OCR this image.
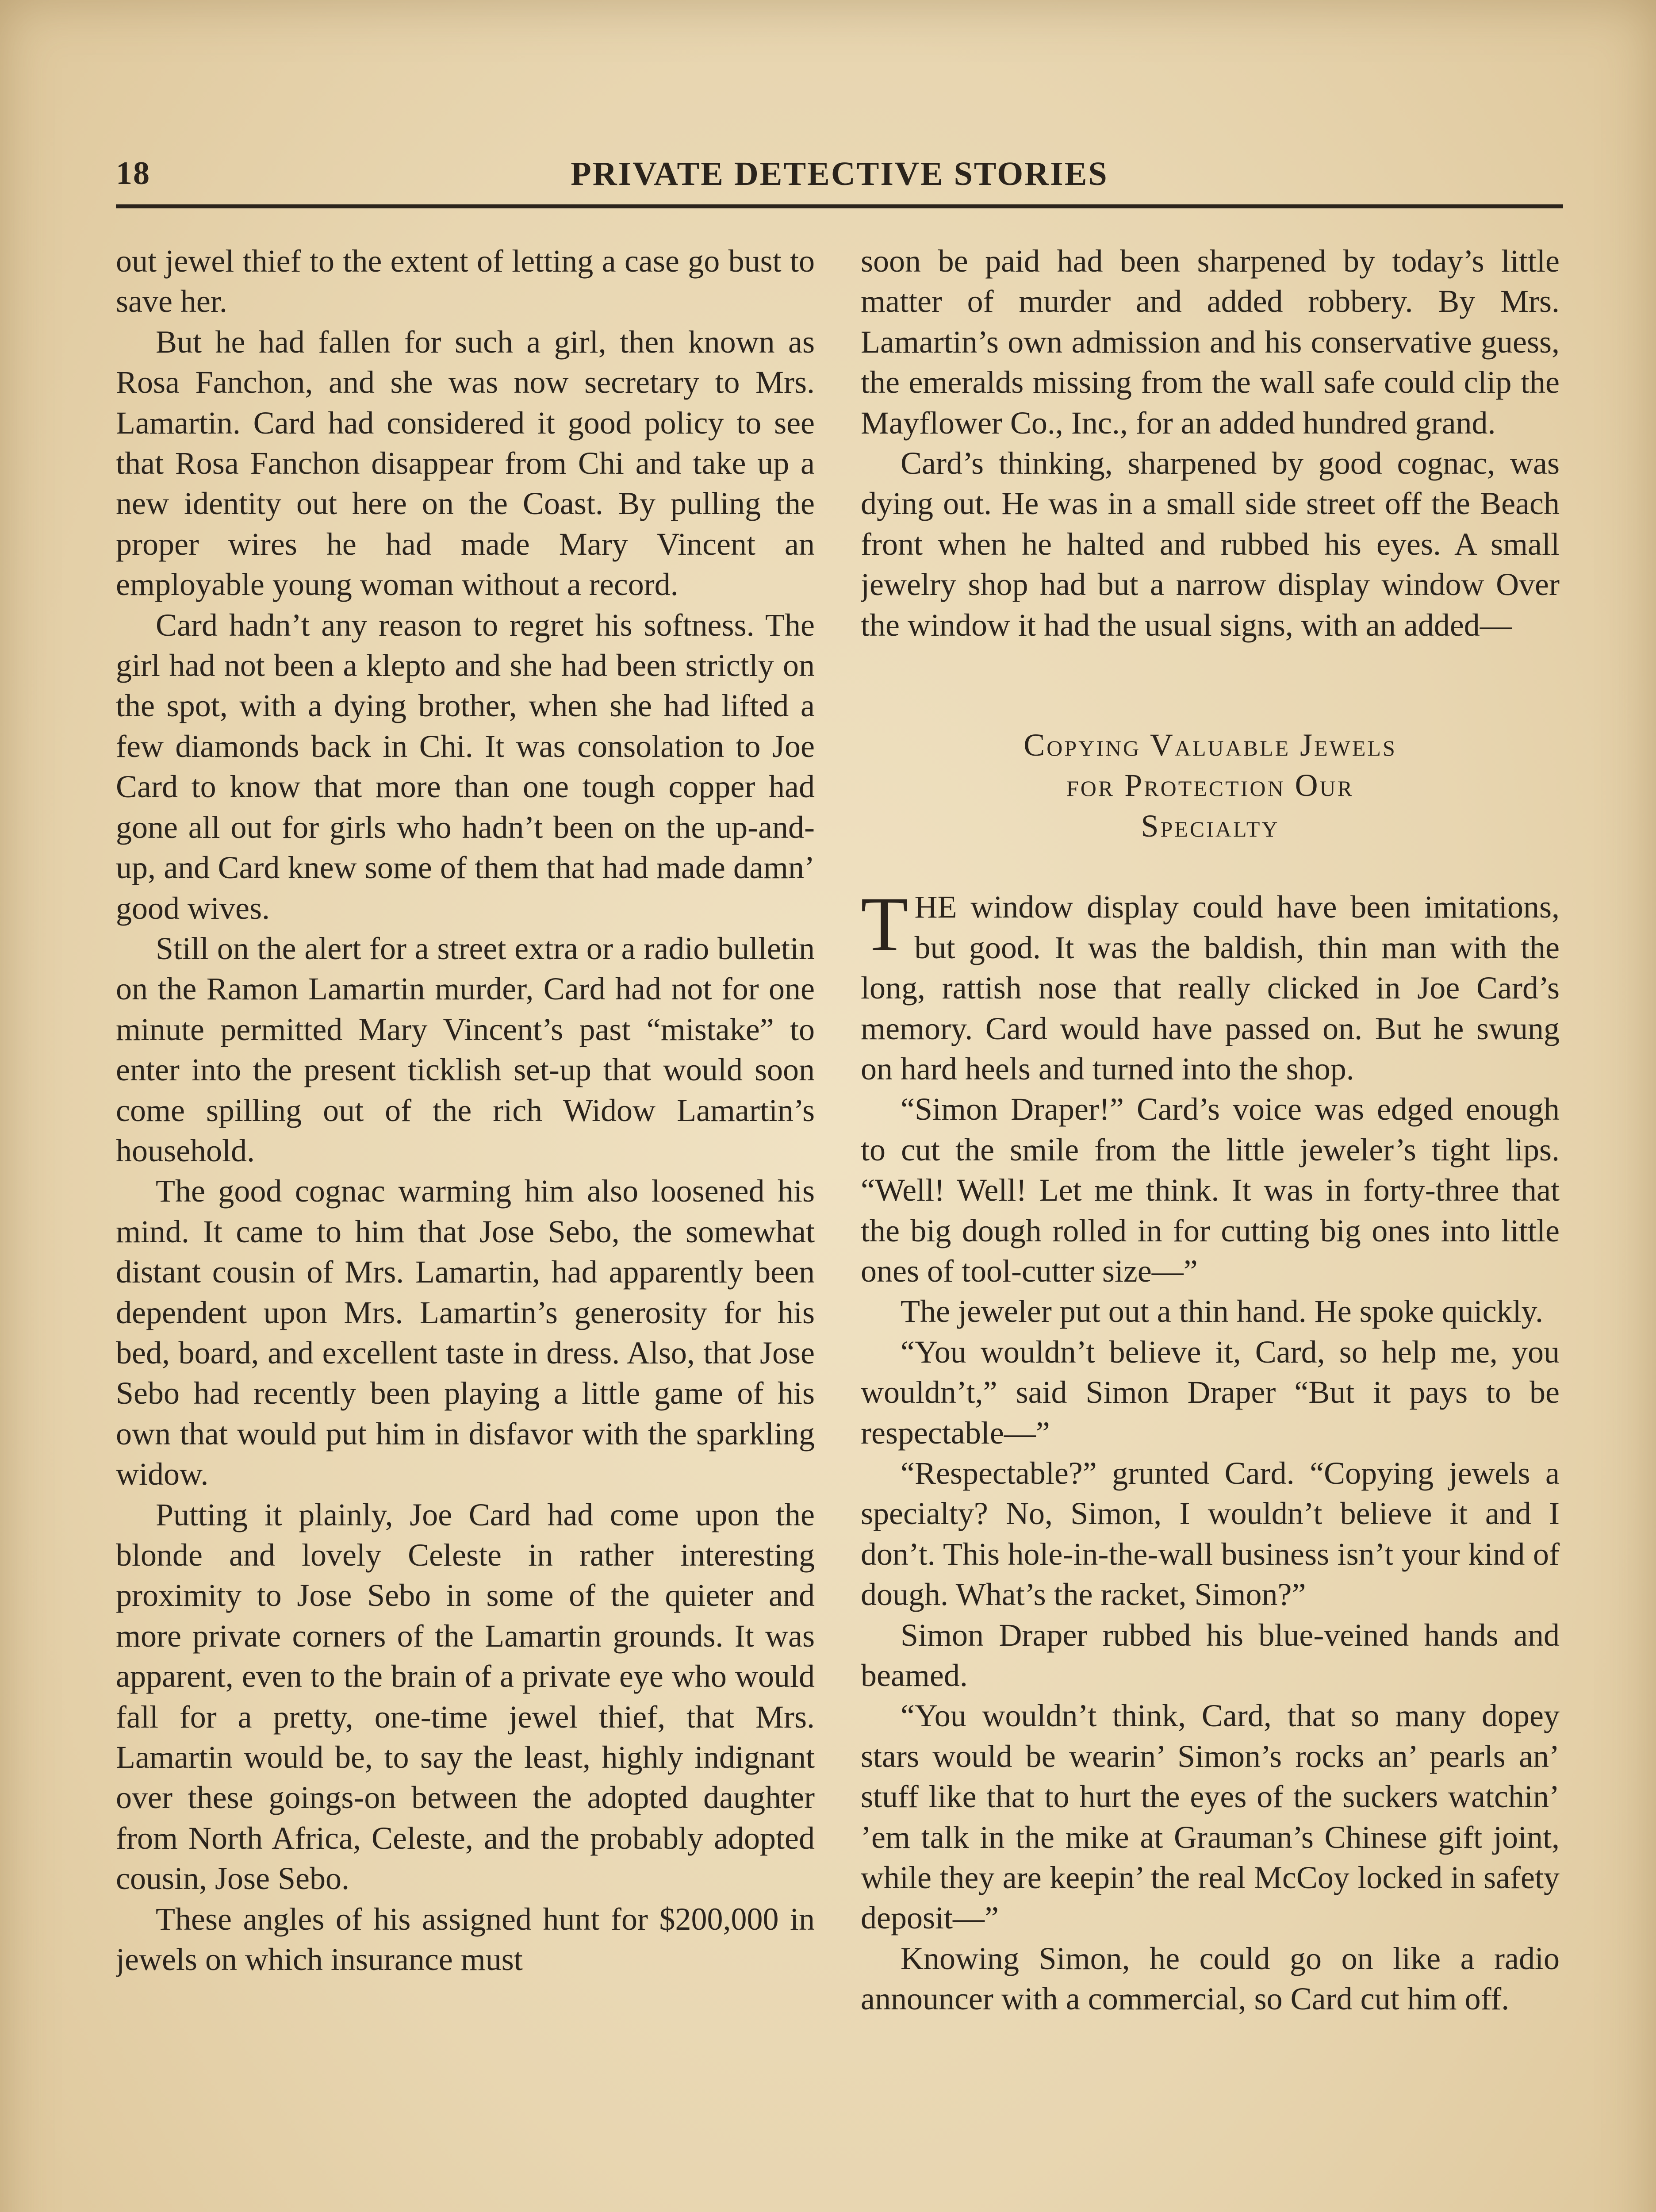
18	PRIVATE DETECTIVE STORIES

out jewel thief to the extent of letting a case go bust to save her.

But he had fallen for such a girl, then known as Rosa Fanchon, and she was now secretary to Mrs. Lamartin. Card had considered it good policy to see that Rosa Fanchon disappear from Chi and take up a new identity out here on the Coast. By pulling the proper wires he had made Mary Vincent an employable young woman without a record.

Card hadn’t any reason to regret his softness. The girl had not been a klepto and she had been strictly on the spot, with a dying brother, when she had lifted a few diamonds back in Chi. It was consolation to Joe Card to know that more than one tough copper had gone all out for girls who hadn’t been on the up-and-up, and Card knew some of them that had made damn’ good wives.

Still on the alert for a street extra or a radio bulletin on the Ramon Lamartin murder, Card had not for one minute permitted Mary Vincent’s past “mistake” to enter into the present ticklish set-up that would soon come spilling out of the rich Widow Lamartin’s household.

The good cognac warming him also loosened his mind. It came to him that Jose Sebo, the somewhat distant cousin of Mrs. Lamartin, had apparently been dependent upon Mrs. Lamartin’s generosity for his bed, board, and excellent taste in dress. Also, that Jose Sebo had recently been playing a little game of his own that would put him in disfavor with the sparkling widow.

Putting it plainly, Joe Card had come upon the blonde and lovely Celeste in rather interesting proximity to Jose Sebo in some of the quieter and more private corners of the Lamartin grounds. It was apparent, even to the brain of a private eye who would fall for a pretty, one-time jewel thief, that Mrs. Lamartin would be, to say the least, highly indignant over these goings-on between the adopted daughter from North Africa, Celeste, and the probably adopted cousin, Jose Sebo.

These angles of his assigned hunt for $200,000 in jewels on which insurance must

soon be paid had been sharpened by today’s little matter of murder and added robbery. By Mrs. Lamartin’s own admission and his conservative guess, the emeralds missing from the wall safe could clip the Mayflower Co., Inc., for an added hundred grand.

Card’s thinking, sharpened by good cognac, was dying out. He was in a small side street off the Beach front when he halted and rubbed his eyes. A small jewelry shop had but a narrow display window Over the window it had the usual signs, with an added—

Copying Valuable Jewels
for Protection Our
Specialty

THE window display could have been imitations, but good. It was the baldish, thin man with the long, rattish nose that really clicked in Joe Card’s memory. Card would have passed on. But he swung on hard heels and turned into the shop.

“Simon Draper!” Card’s voice was edged enough to cut the smile from the little jeweler’s tight lips. “Well! Well! Let me think. It was in forty-three that the big dough rolled in for cutting big ones into little ones of tool-cutter size—”

The jeweler put out a thin hand. He spoke quickly.

“You wouldn’t believe it, Card, so help me, you wouldn’t,” said Simon Draper “But it pays to be respectable—”

“Respectable?” grunted Card. “Copying jewels a specialty? No, Simon, I wouldn’t believe it and I don’t. This hole-in-the-wall business isn’t your kind of dough. What’s the racket, Simon?”

Simon Draper rubbed his blue-veined hands and beamed.

“You wouldn’t think, Card, that so many dopey stars would be wearin’ Simon’s rocks an’ pearls an’ stuff like that to hurt the eyes of the suckers watchin’ ’em talk in the mike at Grauman’s Chinese gift joint, while they are keepin’ the real McCoy locked in safety deposit—”

Knowing Simon, he could go on like a radio announcer with a commercial, so Card cut him off.
